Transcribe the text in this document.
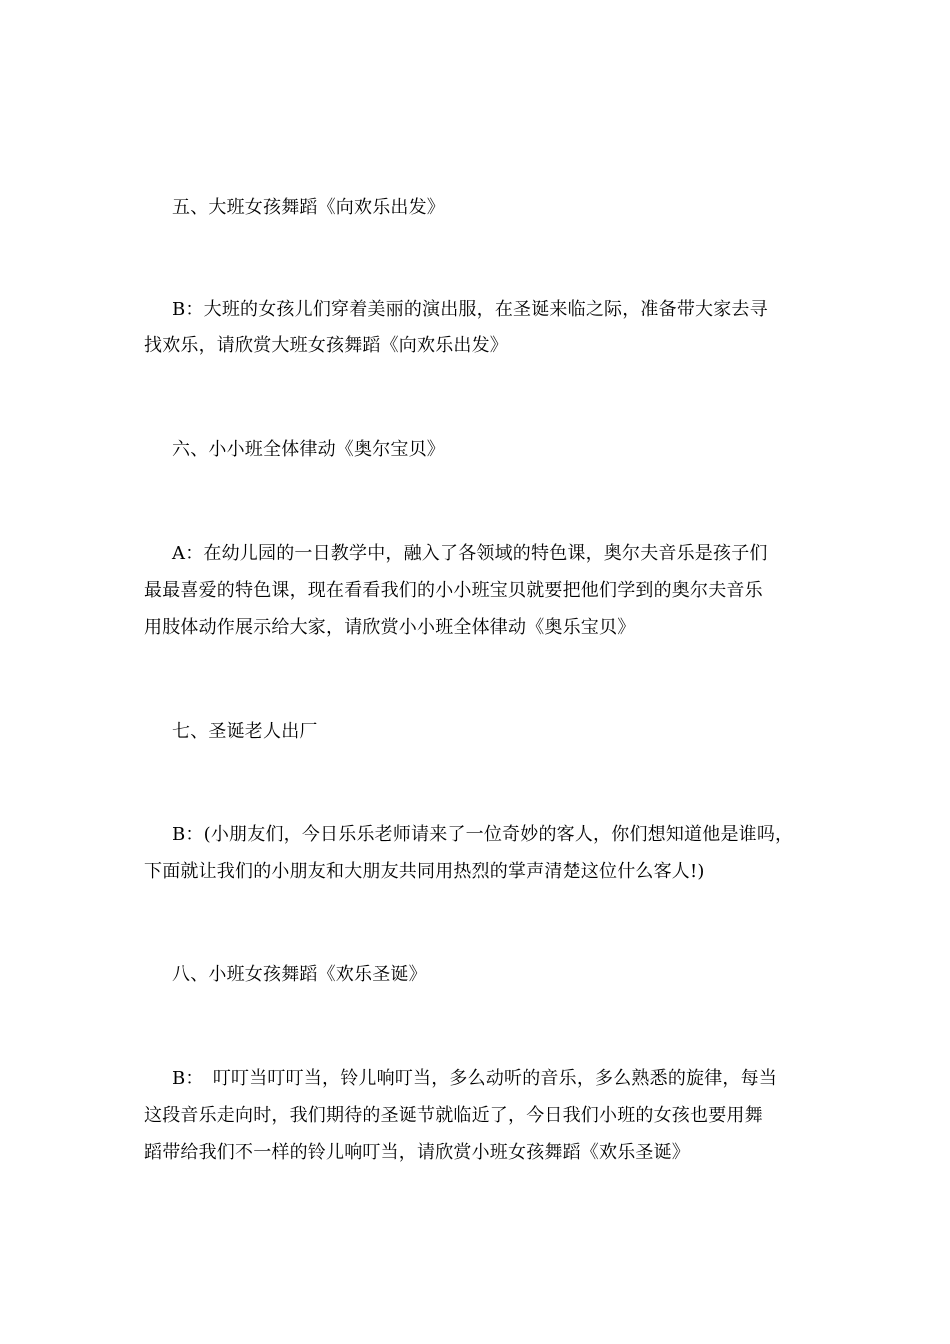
五、大班女孩舞蹈《向欢乐出发》
B：大班的女孩儿们穿着美丽的演出服，在圣诞来临之际，准备带大家去寻
找欢乐，请欣赏大班女孩舞蹈《向欢乐出发》
六、小小班全体律动《奥尔宝贝》
A：在幼儿园的一日教学中，融入了各领域的特色课，奥尔夫音乐是孩子们
最最喜爱的特色课，现在看看我们的小小班宝贝就要把他们学到的奥尔夫音乐
用肢体动作展示给大家，请欣赏小小班全体律动《奥乐宝贝》
七、圣诞老人出厂
B：(小朋友们，今日乐乐老师请来了一位奇妙的客人，你们想知道他是谁吗，
下面就让我们的小朋友和大朋友共同用热烈的掌声清楚这位什么客人!)
八、小班女孩舞蹈《欢乐圣诞》
B：　叮叮当叮叮当，铃儿响叮当，多么动听的音乐，多么熟悉的旋律，每当
这段音乐走向时，我们期待的圣诞节就临近了，今日我们小班的女孩也要用舞
蹈带给我们不一样的铃儿响叮当，请欣赏小班女孩舞蹈《欢乐圣诞》
